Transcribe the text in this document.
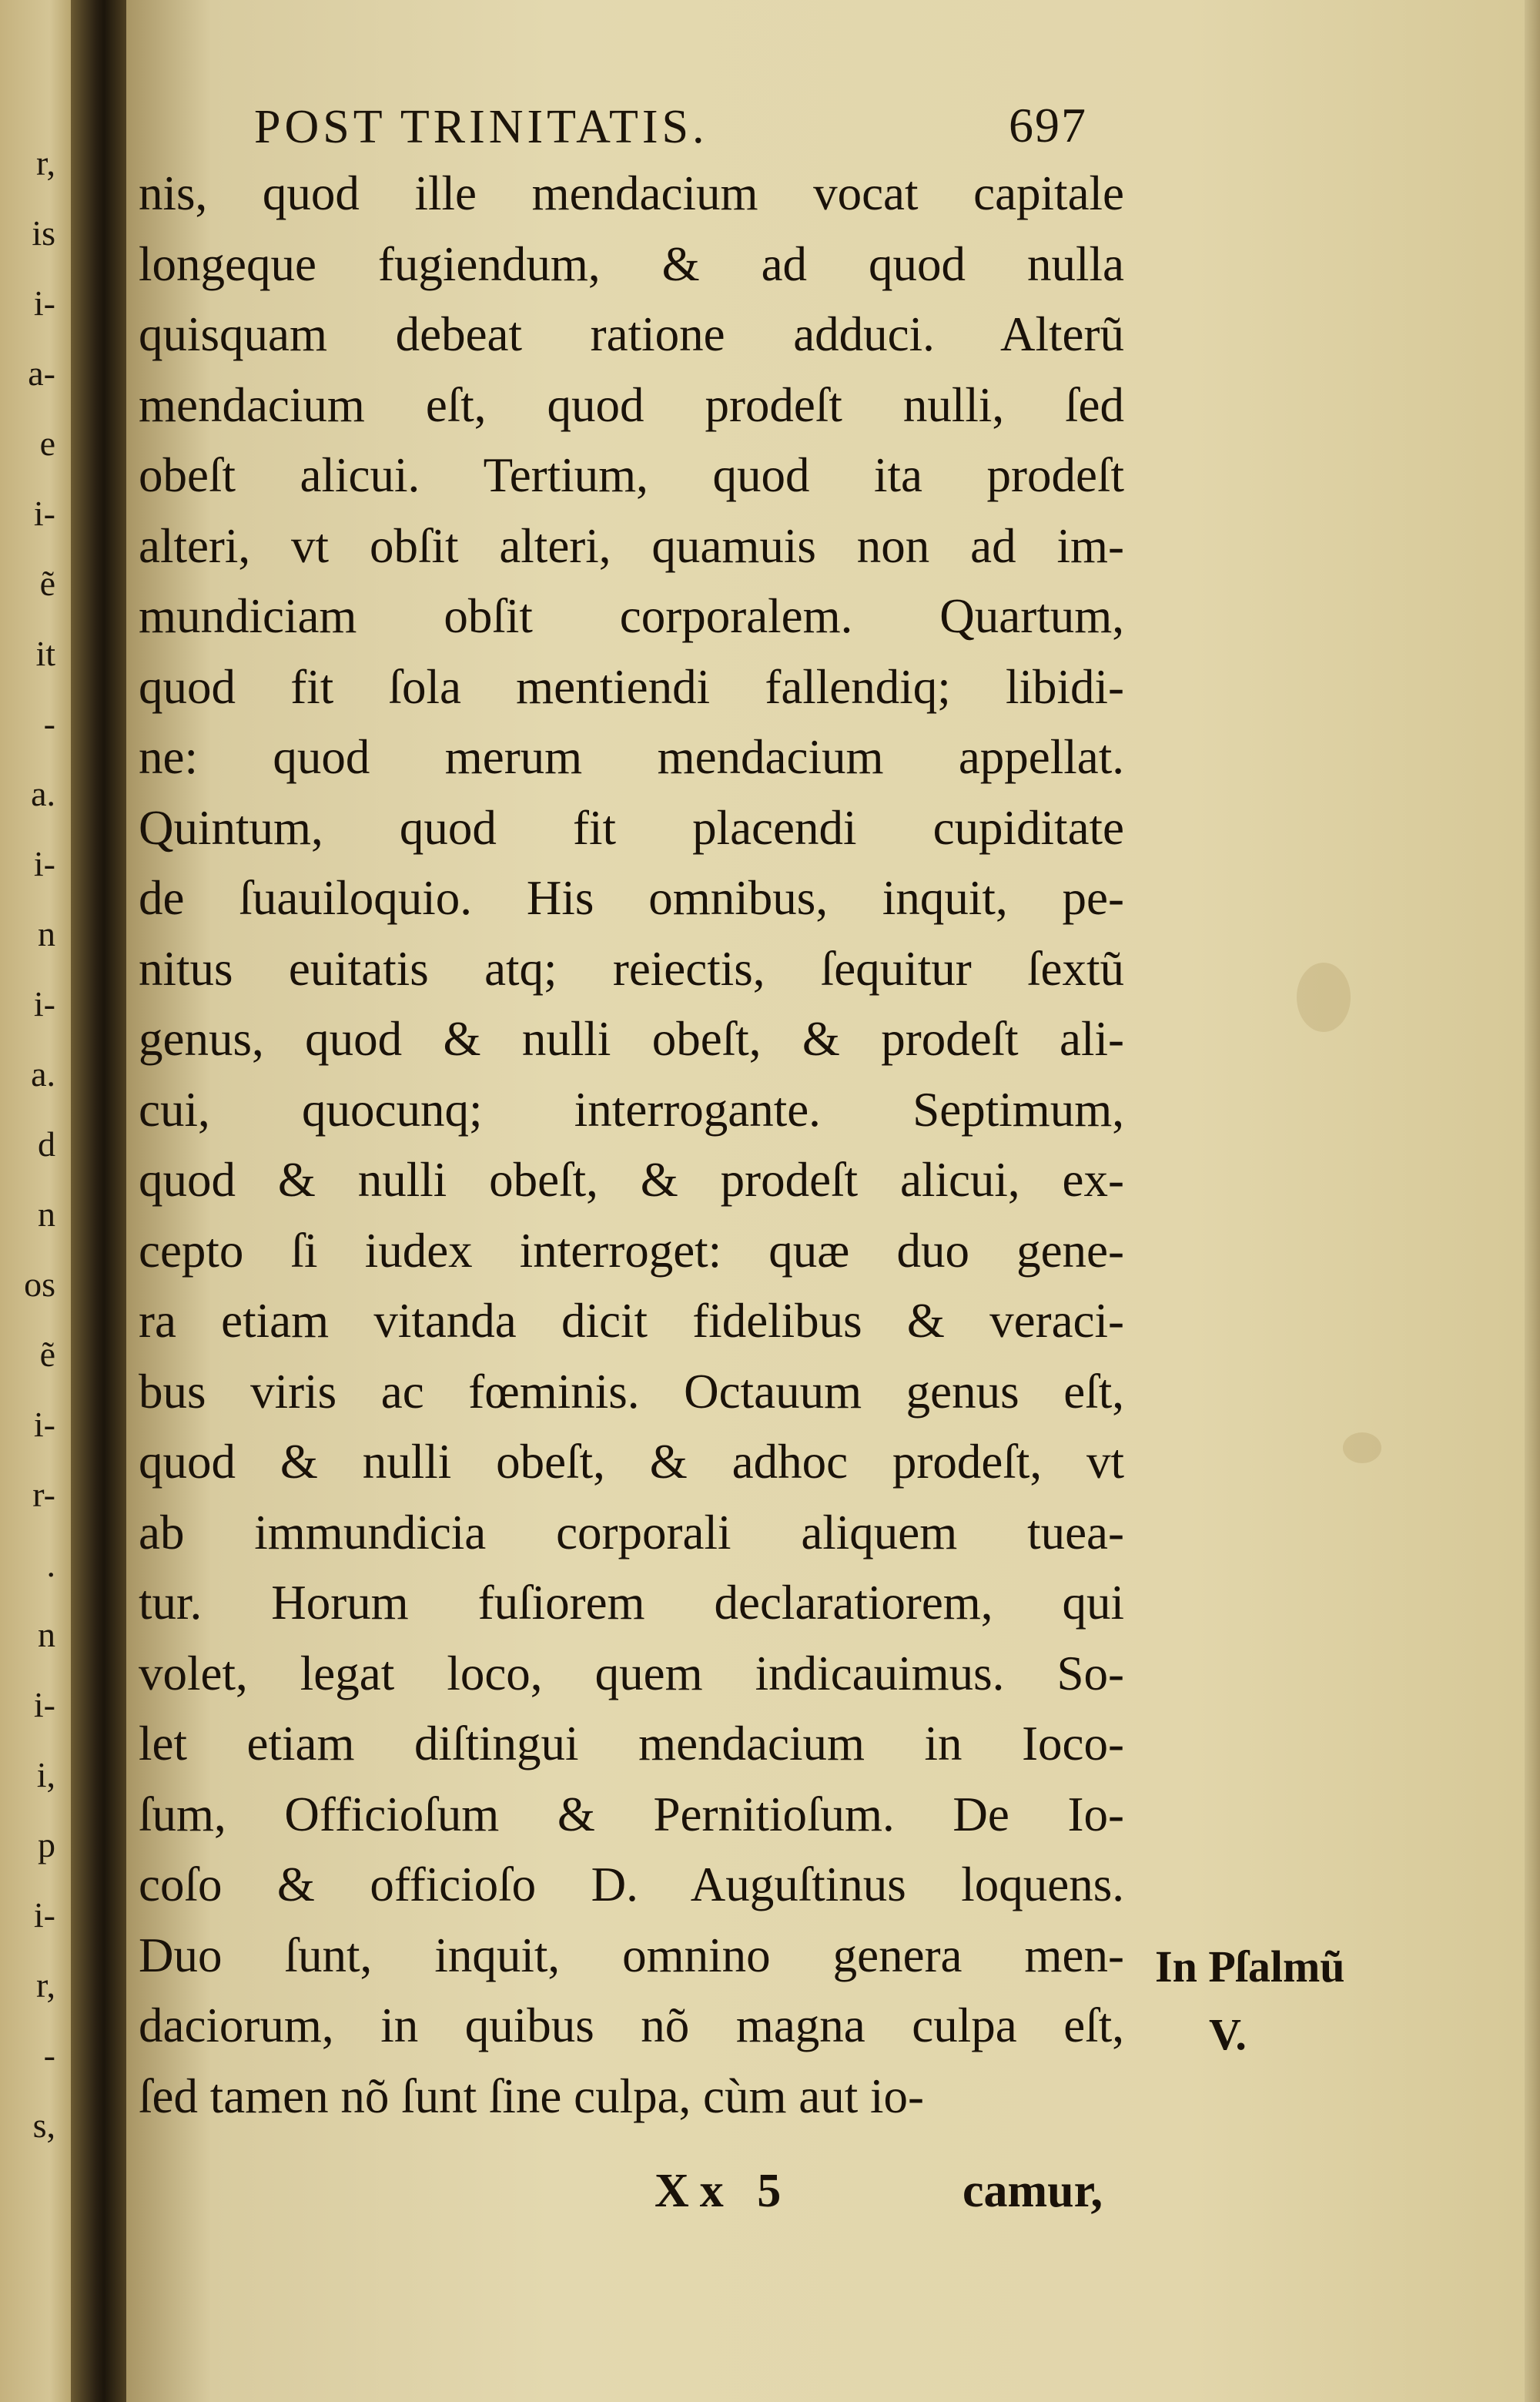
r,
is
i-
a-
e
i-
ẽ
it
-
a.
i-
n
i-
a.
d
n
os
ẽ
i-
r-
.
n
i-
i,
p
i-
r,
-
s,
POST TRINITATIS.	697
nis, quod ille mendacium vocat capitale
longeque fugiendum, & ad quod nulla
quisquam debeat ratione adduci. Alterũ
mendacium eſt, quod prodeſt nulli, ſed
obeſt alicui. Tertium, quod ita prodeſt
alteri, vt obſit alteri, quamuis non ad im-
mundiciam obſit corporalem. Quartum,
quod fit ſola mentiendi fallendiq; libidi-
ne: quod merum mendacium appellat.
Quintum, quod fit placendi cupiditate
de ſuauiloquio. His omnibus, inquit, pe-
nitus euitatis atq; reiectis, ſequitur ſextũ
genus, quod & nulli obeſt, & prodeſt ali-
cui, quocunq; interrogante. Septimum,
quod & nulli obeſt, & prodeſt alicui, ex-
cepto ſi iudex interroget: quæ duo gene-
ra etiam vitanda dicit fidelibus & veraci-
bus viris ac fœminis. Octauum genus eſt,
quod & nulli obeſt, & adhoc prodeſt, vt
ab immundicia corporali aliquem tuea-
tur. Horum fuſiorem declaratiorem, qui
volet, legat loco, quem indicauimus. So-
let etiam diſtingui mendacium in Ioco-
ſum, Officioſum & Pernitioſum. De Io-
coſo & officioſo D. Auguſtinus loquens.
Duo ſunt, inquit, omnino genera men-
daciorum, in quibus nõ magna culpa eſt,
ſed tamen nõ ſunt ſine culpa, cùm aut io-
In Pſalmũ
V.
Xx 5	camur,
